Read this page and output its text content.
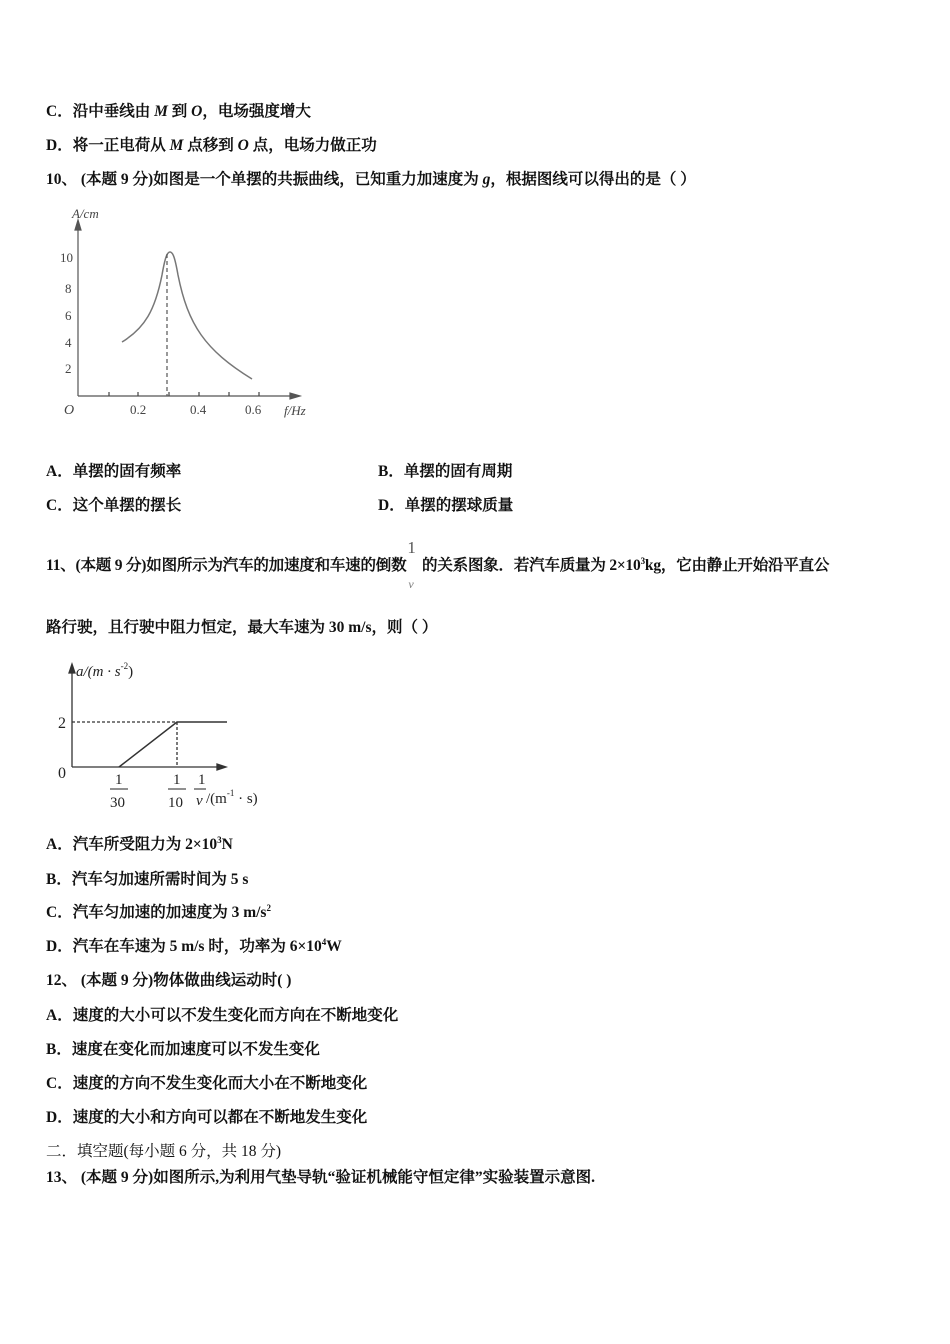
C．沿中垂线由 M 到 O，电场强度增大
D．将一正电荷从 M 点移到 O 点，电场力做正功
10、 (本题 9 分)如图是一个单摆的共振曲线，已知重力加速度为 g，根据图线可以得出的是（ ）
A/cm
10
8
6
4
2
O	0.2	0.4	0.6 f/Hz
A．单摆的固有频率	B．单摆的固有周期
C．这个单摆的摆长	D．单摆的摆球质量
11、(本题 9 分)如图所示为汽车的加速度和车速的倒数
1
v
的关系图象．若汽车质量为 $2\times 10^3kg$，它由静止开始沿平直公
路行驶，且行驶中阻力恒定，最大车速为 30 m/s，则（ ）
$a/(m \cdot s^{-2})$
2
0	1
30
1
10
1
v $/(m^{-1} \cdot s)$
A．汽车所受阻力为 $2\times 10^3N$
B．汽车匀加速所需时间为 5 s
C．汽车匀加速的加速度为 3 $m/s^2$
D．汽车在车速为 5 m/s 时，功率为 $6\times 10^4W$
12、 (本题 9 分)物体做曲线运动时( )
A．速度的大小可以不发生变化而方向在不断地变化
B．速度在变化而加速度可以不发生变化
C．速度的方向不发生变化而大小在不断地变化
D．速度的大小和方向可以都在不断地发生变化
二．填空题(每小题 6 分，共 18 分)
13、 (本题 9 分)如图所示,为利用气垫导轨“验证机械能守恒定律”实验装置示意图.
